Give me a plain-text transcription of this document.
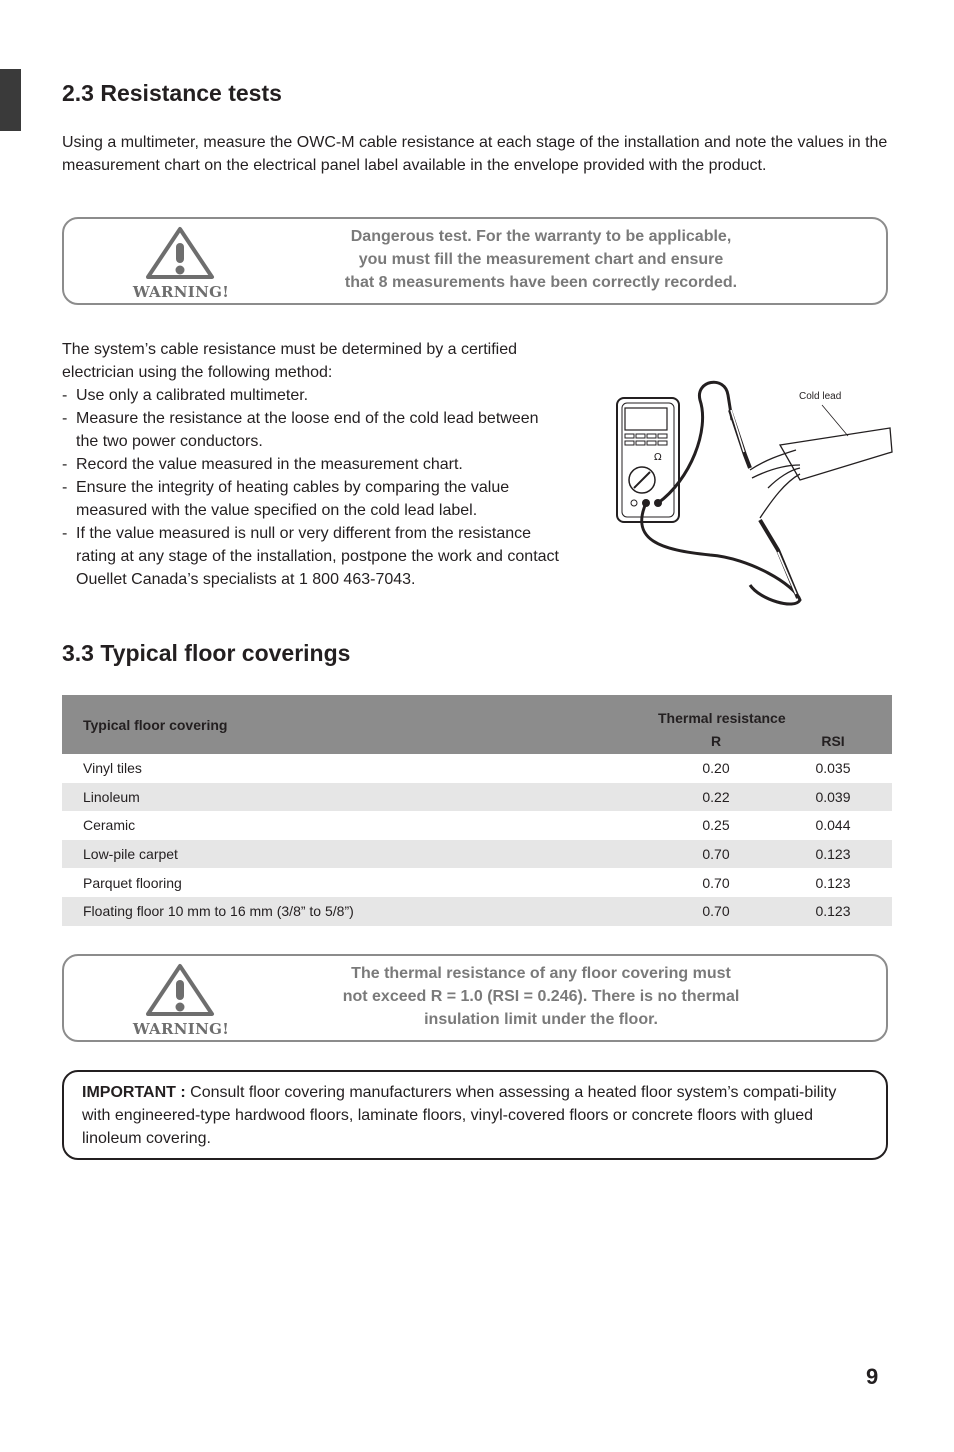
2.3 Resistance tests

Using a multimeter, measure the OWC-M cable resistance at each stage of the installation and note the values in the measurement chart on the electrical panel label available in the envelope provided with the product.

WARNING!
Dangerous test. For the warranty to be applicable,
you must fill the measurement chart and ensure
that 8 measurements have been correctly recorded.

The system’s cable resistance must be determined by a certified electrician using the following method:

- Use only a calibrated multimeter.
- Measure the resistance at the loose end of the cold lead between the two power conductors.
- Record the value measured in the measurement chart.
- Ensure the integrity of heating cables by comparing the value measured with the value specified on the cold lead label.
- If the value measured is null or very different from the resistance rating at any stage of the installation, postpone the work and contact Ouellet Canada’s specialists at 1 800 463-7043.
Ω
Cold lead
3.3 Typical floor coverings
Typical floor covering	Thermal resistance	
	R	RSI
Vinyl tiles	0.20	0.035
Linoleum	0.22	0.039
Ceramic	0.25	0.044
Low-pile carpet	0.70	0.123
Parquet flooring	0.70	0.123
Floating floor 10 mm to 16 mm (3/8” to 5/8”)	0.70	0.123
WARNING!
The thermal resistance of any floor covering must
not exceed R = 1.0 (RSI = 0.246). There is no thermal
insulation limit under the floor.
IMPORTANT : Consult floor covering manufacturers when assessing a heated floor system’s compati-bility with engineered-type hardwood floors, laminate floors, vinyl-covered floors or concrete floors with glued linoleum covering.
9
